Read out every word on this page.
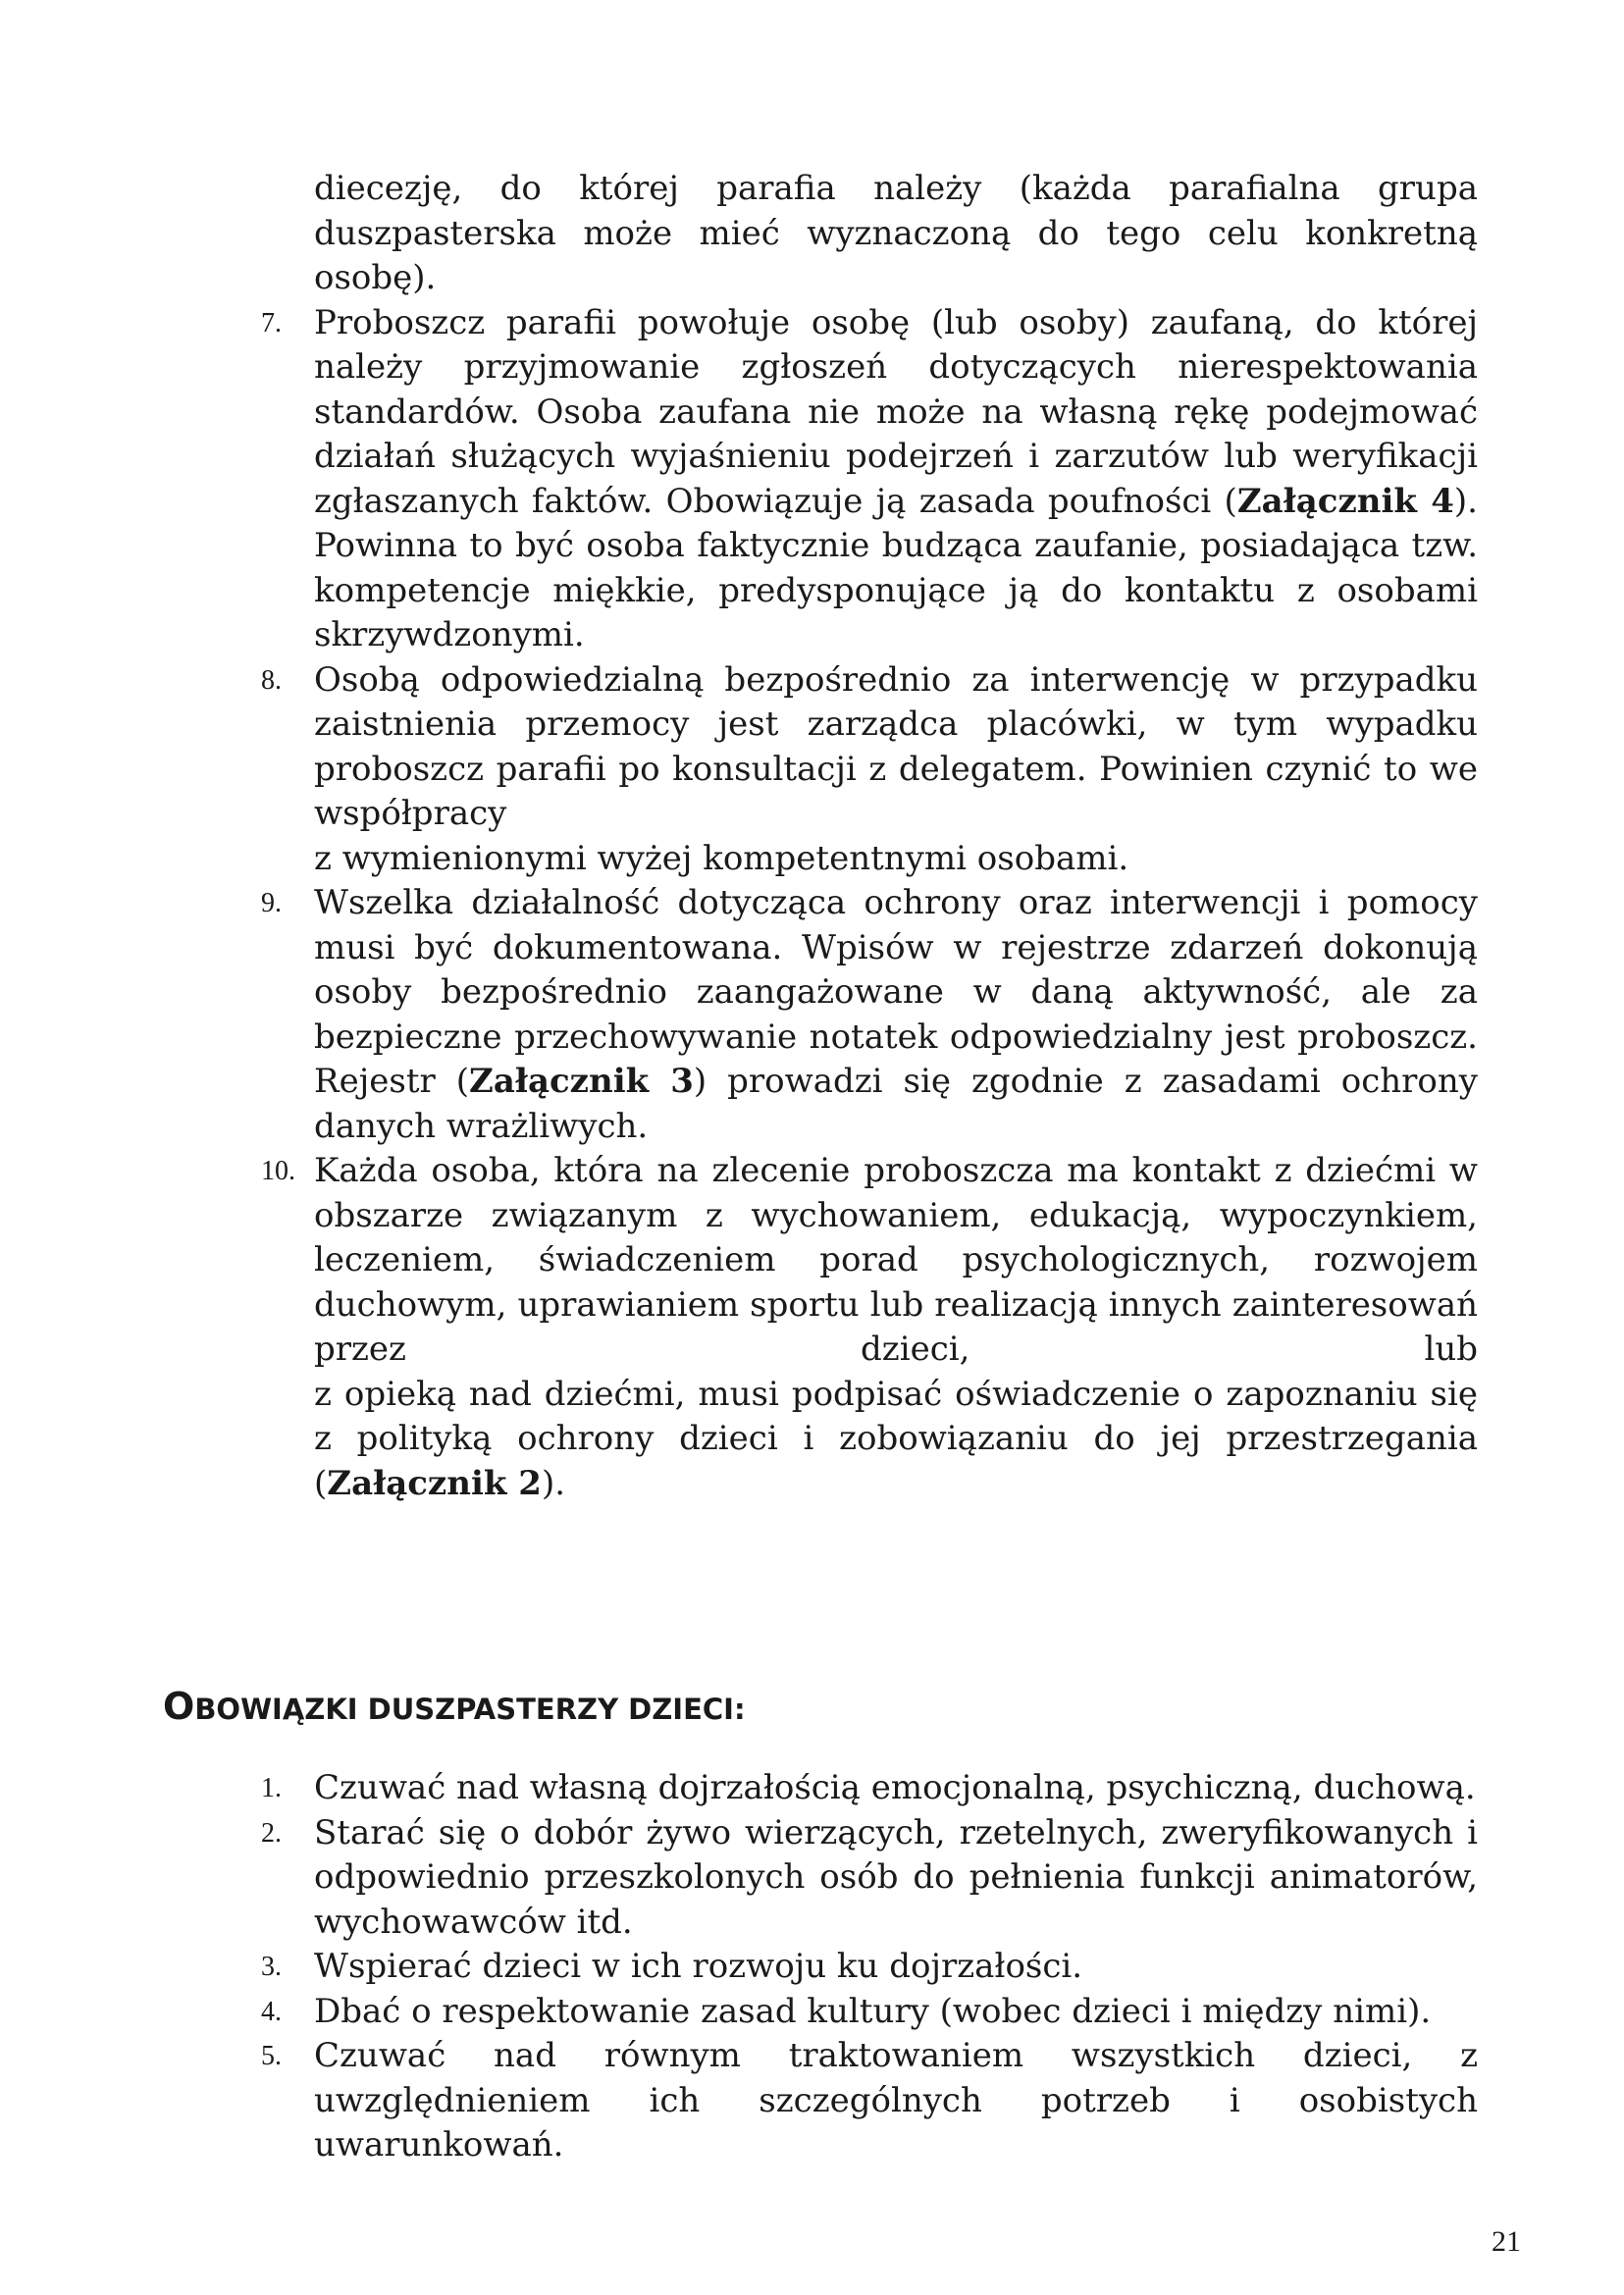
diecezję, do której parafia należy (każda parafialna grupa
duszpasterska może mieć wyznaczoną do tego celu konkretną osobę).
7. Proboszcz parafii powołuje osobę (lub osoby) zaufaną, do której należy przyjmowanie zgłoszeń dotyczących nierespektowania standardów. Osoba zaufana nie może na własną rękę podejmować działań służących wyjaśnieniu podejrzeń i zarzutów lub weryfikacji zgłaszanych faktów. Obowiązuje ją zasada poufności (Załącznik 4). Powinna to być osoba faktycznie budząca zaufanie, posiadająca tzw. kompetencje miękkie, predysponujące ją do kontaktu z osobami skrzywdzonymi.
8. Osobą odpowiedzialną bezpośrednio za interwencję w przypadku zaistnienia przemocy jest zarządca placówki, w tym wypadku proboszcz parafii po konsultacji z delegatem. Powinien czynić to we współpracy
z wymienionymi wyżej kompetentnymi osobami.
9. Wszelka działalność dotycząca ochrony oraz interwencji i pomocy musi być dokumentowana. Wpisów w rejestrze zdarzeń dokonują osoby bezpośrednio zaangażowane w daną aktywność, ale za bezpieczne przechowywanie notatek odpowiedzialny jest proboszcz. Rejestr (Załącznik 3) prowadzi się zgodnie z zasadami ochrony danych wrażliwych.
10. Każda osoba, która na zlecenie proboszcza ma kontakt z dziećmi w obszarze związanym z wychowaniem, edukacją, wypoczynkiem, leczeniem, świadczeniem porad psychologicznych, rozwojem duchowym, uprawianiem sportu lub realizacją innych zainteresowań przez dzieci, lub
z opieką nad dziećmi, musi podpisać oświadczenie o zapoznaniu się z polityką ochrony dzieci i zobowiązaniu do jej przestrzegania (Załącznik 2).
OBOWIĄZKI DUSZPASTERZY DZIECI:
1. Czuwać nad własną dojrzałością emocjonalną, psychiczną, duchową.
2. Starać się o dobór żywo wierzących, rzetelnych, zweryfikowanych i odpowiednio przeszkolonych osób do pełnienia funkcji animatorów, wychowawców itd.
3. Wspierać dzieci w ich rozwoju ku dojrzałości.
4. Dbać o respektowanie zasad kultury (wobec dzieci i między nimi).
5. Czuwać nad równym traktowaniem wszystkich dzieci, z uwzględnieniem ich szczególnych potrzeb i osobistych uwarunkowań.
21
